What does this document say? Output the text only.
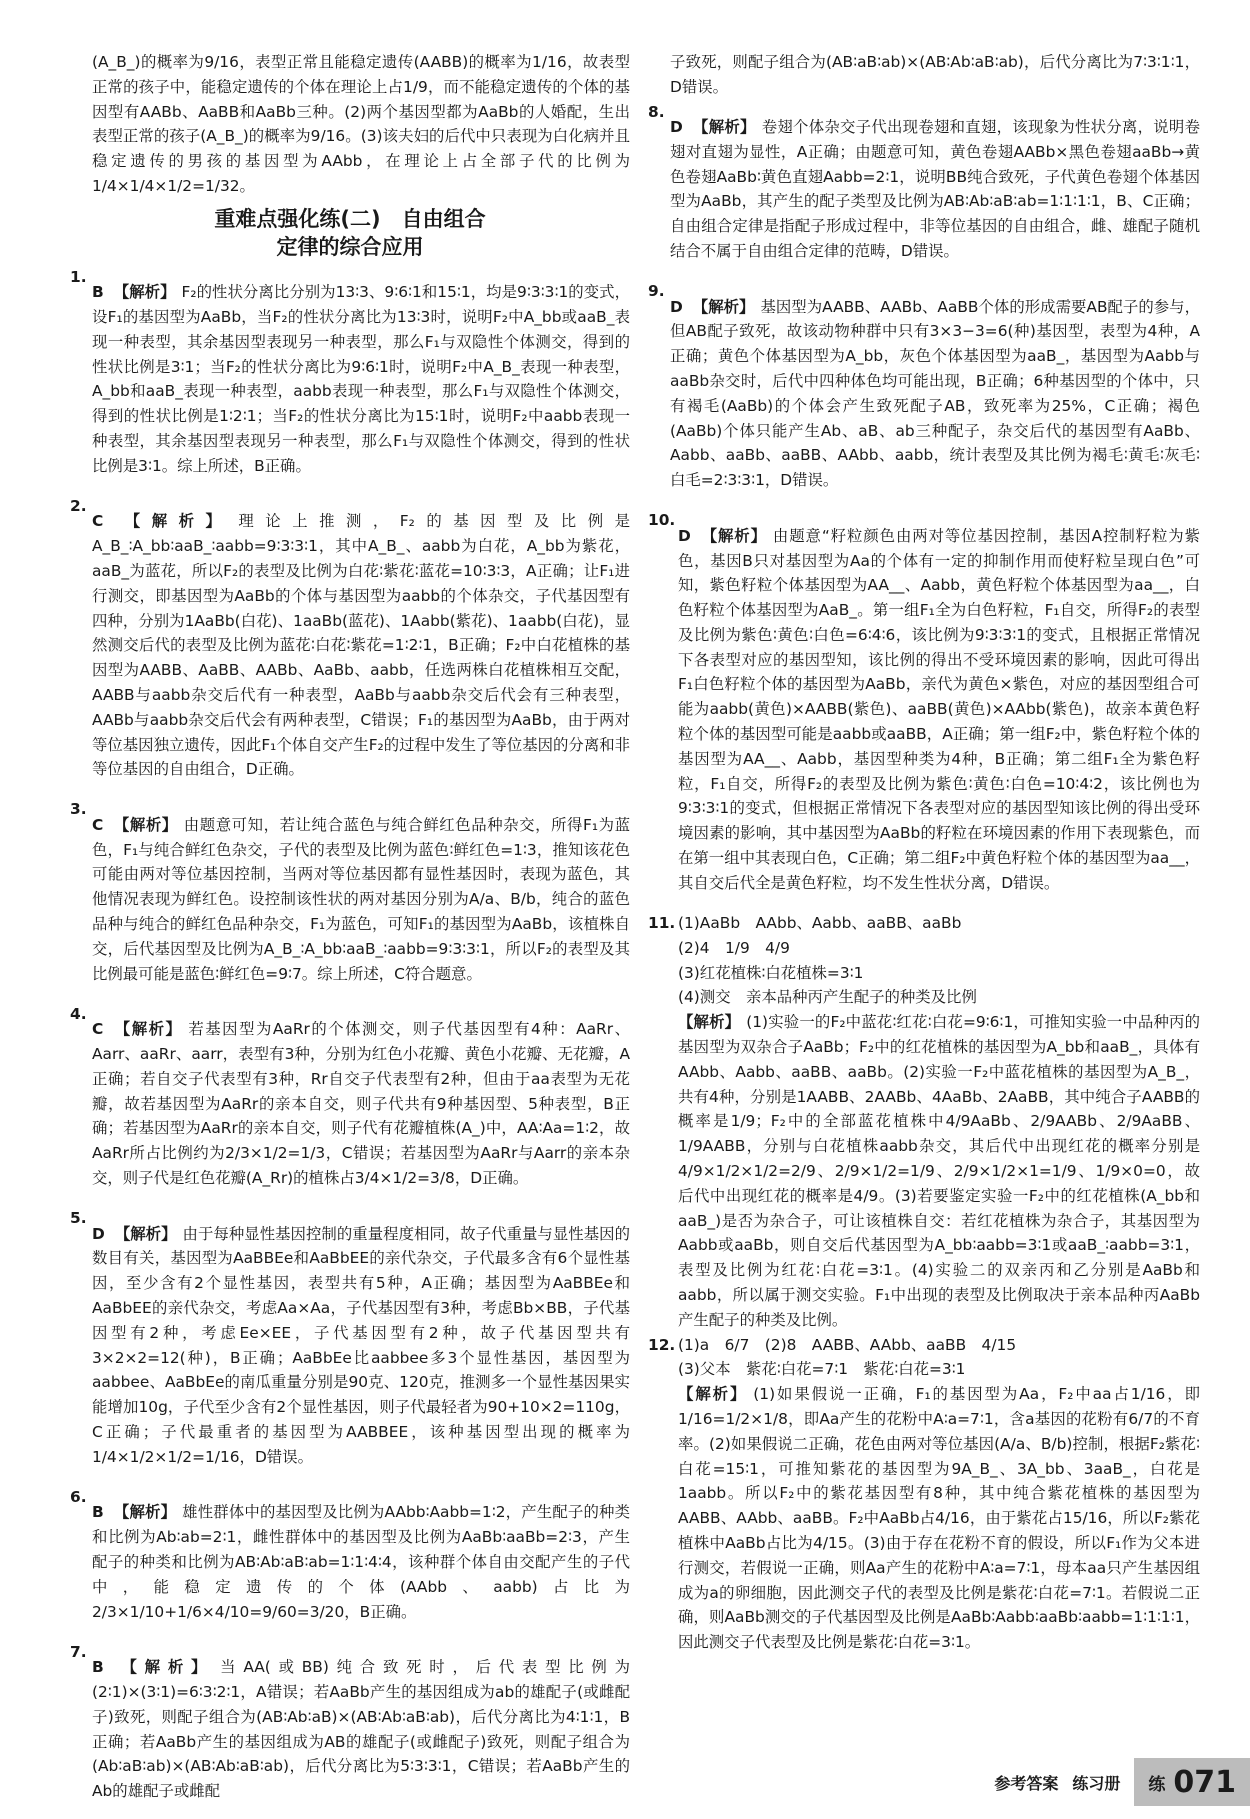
(A_B_)的概率为9/16，表型正常且能稳定遗传(AABB)的概率为1/16，故表型正常的孩子中，能稳定遗传的个体在理论上占1/9，而不能稳定遗传的个体的基因型有AABb、AaBB和AaBb三种。(2)两个基因型都为AaBb的人婚配，生出表型正常的孩子(A_B_)的概率为9/16。(3)该夫妇的后代中只表现为白化病并且稳定遗传的男孩的基因型为AAbb，在理论上占全部子代的比例为1/4×1/4×1/2=1/32。

重难点强化练(二)　自由组合
定律的综合应用
1.

B 【解析】 F₂的性状分离比分别为13∶3、9∶6∶1和15∶1，均是9∶3∶3∶1的变式，设F₁的基因型为AaBb，当F₂的性状分离比为13∶3时，说明F₂中A_bb或aaB_表现一种表型，其余基因型表现另一种表型，那么F₁与双隐性个体测交，得到的性状比例是3∶1；当F₂的性状分离比为9∶6∶1时，说明F₂中A_B_表现一种表型，A_bb和aaB_表现一种表型，aabb表现一种表型，那么F₁与双隐性个体测交，得到的性状比例是1∶2∶1；当F₂的性状分离比为15∶1时，说明F₂中aabb表现一种表型，其余基因型表现另一种表型，那么F₁与双隐性个体测交，得到的性状比例是3∶1。综上所述，B正确。

2.

C 【解析】 理论上推测，F₂的基因型及比例是A_B_∶A_bb∶aaB_∶aabb=9∶3∶3∶1，其中A_B_、aabb为白花，A_bb为紫花，aaB_为蓝花，所以F₂的表型及比例为白花∶紫花∶蓝花=10∶3∶3，A正确；让F₁进行测交，即基因型为AaBb的个体与基因型为aabb的个体杂交，子代基因型有四种，分别为1AaBb(白花)、1aaBb(蓝花)、1Aabb(紫花)、1aabb(白花)，显然测交后代的表型及比例为蓝花∶白花∶紫花=1∶2∶1，B正确；F₂中白花植株的基因型为AABB、AaBB、AABb、AaBb、aabb，任选两株白花植株相互交配，AABB与aabb杂交后代有一种表型，AaBb与aabb杂交后代会有三种表型，AABb与aabb杂交后代会有两种表型，C错误；F₁的基因型为AaBb，由于两对等位基因独立遗传，因此F₁个体自交产生F₂的过程中发生了等位基因的分离和非等位基因的自由组合，D正确。

3.

C 【解析】 由题意可知，若让纯合蓝色与纯合鲜红色品种杂交，所得F₁为蓝色，F₁与纯合鲜红色杂交，子代的表型及比例为蓝色∶鲜红色=1∶3，推知该花色可能由两对等位基因控制，当两对等位基因都有显性基因时，表现为蓝色，其他情况表现为鲜红色。设控制该性状的两对基因分别为A/a、B/b，纯合的蓝色品种与纯合的鲜红色品种杂交，F₁为蓝色，可知F₁的基因型为AaBb，该植株自交，后代基因型及比例为A_B_∶A_bb∶aaB_∶aabb=9∶3∶3∶1，所以F₂的表型及其比例最可能是蓝色∶鲜红色=9∶7。综上所述，C符合题意。

4.

C 【解析】 若基因型为AaRr的个体测交，则子代基因型有4种：AaRr、Aarr、aaRr、aarr，表型有3种，分别为红色小花瓣、黄色小花瓣、无花瓣，A正确；若自交子代表型有3种，Rr自交子代表型有2种，但由于aa表型为无花瓣，故若基因型为AaRr的亲本自交，则子代共有9种基因型、5种表型，B正确；若基因型为AaRr的亲本自交，则子代有花瓣植株(A_)中，AA∶Aa=1∶2，故AaRr所占比例约为2/3×1/2=1/3，C错误；若基因型为AaRr与Aarr的亲本杂交，则子代是红色花瓣(A_Rr)的植株占3/4×1/2=3/8，D正确。

5.

D 【解析】 由于每种显性基因控制的重量程度相同，故子代重量与显性基因的数目有关，基因型为AaBBEe和AaBbEE的亲代杂交，子代最多含有6个显性基因，至少含有2个显性基因，表型共有5种，A正确；基因型为AaBBEe和AaBbEE的亲代杂交，考虑Aa×Aa，子代基因型有3种，考虑Bb×BB，子代基因型有2种，考虑Ee×EE，子代基因型有2种，故子代基因型共有3×2×2=12(种)，B正确；AaBbEe比aabbee多3个显性基因，基因型为aabbee、AaBbEe的南瓜重量分别是90克、120克，推测多一个显性基因果实能增加10g，子代至少含有2个显性基因，则子代最轻者为90+10×2=110g，C正确；子代最重者的基因型为AABBEE，该种基因型出现的概率为1/4×1/2×1/2=1/16，D错误。

6.

B 【解析】 雄性群体中的基因型及比例为AAbb∶Aabb=1∶2，产生配子的种类和比例为Ab∶ab=2∶1，雌性群体中的基因型及比例为AaBb∶aaBb=2∶3，产生配子的种类和比例为AB∶Ab∶aB∶ab=1∶1∶4∶4，该种群个体自由交配产生的子代中，能稳定遗传的个体(AAbb、aabb)占比为2/3×1/10+1/6×4/10=9/60=3/20，B正确。

7.

B 【解析】 当AA(或BB)纯合致死时，后代表型比例为(2∶1)×(3∶1)=6∶3∶2∶1，A错误；若AaBb产生的基因组成为ab的雄配子(或雌配子)致死，则配子组合为(AB∶Ab∶aB)×(AB∶Ab∶aB∶ab)，后代分离比为4∶1∶1，B正确；若AaBb产生的基因组成为AB的雄配子(或雌配子)致死，则配子组合为(Ab∶aB∶ab)×(AB∶Ab∶aB∶ab)，后代分离比为5∶3∶3∶1，C错误；若AaBb产生的Ab的雄配子或雌配

子致死，则配子组合为(AB∶aB∶ab)×(AB∶Ab∶aB∶ab)，后代分离比为7∶3∶1∶1，D错误。

8.

D 【解析】 卷翅个体杂交子代出现卷翅和直翅，该现象为性状分离，说明卷翅对直翅为显性，A正确；由题意可知，黄色卷翅AABb×黑色卷翅aaBb→黄色卷翅AaBb∶黄色直翅Aabb=2∶1，说明BB纯合致死，子代黄色卷翅个体基因型为AaBb，其产生的配子类型及比例为AB∶Ab∶aB∶ab=1∶1∶1∶1，B、C正确；自由组合定律是指配子形成过程中，非等位基因的自由组合，雌、雄配子随机结合不属于自由组合定律的范畴，D错误。

9.

D 【解析】 基因型为AABB、AABb、AaBB个体的形成需要AB配子的参与，但AB配子致死，故该动物种群中只有3×3−3=6(种)基因型，表型为4种，A正确；黄色个体基因型为A_bb，灰色个体基因型为aaB_，基因型为Aabb与aaBb杂交时，后代中四种体色均可能出现，B正确；6种基因型的个体中，只有褐毛(AaBb)的个体会产生致死配子AB，致死率为25%，C正确；褐色(AaBb)个体只能产生Ab、aB、ab三种配子，杂交后代的基因型有AaBb、Aabb、aaBb、aaBB、AAbb、aabb，统计表型及其比例为褐毛∶黄毛∶灰毛∶白毛=2∶3∶3∶1，D错误。

10.

D 【解析】 由题意“籽粒颜色由两对等位基因控制，基因A控制籽粒为紫色，基因B只对基因型为Aa的个体有一定的抑制作用而使籽粒呈现白色”可知，紫色籽粒个体基因型为AA__、Aabb，黄色籽粒个体基因型为aa__，白色籽粒个体基因型为AaB_。第一组F₁全为白色籽粒，F₁自交，所得F₂的表型及比例为紫色∶黄色∶白色=6∶4∶6，该比例为9∶3∶3∶1的变式，且根据正常情况下各表型对应的基因型知，该比例的得出不受环境因素的影响，因此可得出F₁白色籽粒个体的基因型为AaBb，亲代为黄色×紫色，对应的基因型组合可能为aabb(黄色)×AABB(紫色)、aaBB(黄色)×AAbb(紫色)，故亲本黄色籽粒个体的基因型可能是aabb或aaBB，A正确；第一组F₂中，紫色籽粒个体的基因型为AA__、Aabb，基因型种类为4种，B正确；第二组F₁全为紫色籽粒，F₁自交，所得F₂的表型及比例为紫色∶黄色∶白色=10∶4∶2，该比例也为9∶3∶3∶1的变式，但根据正常情况下各表型对应的基因型知该比例的得出受环境因素的影响，其中基因型为AaBb的籽粒在环境因素的作用下表现紫色，而在第一组中其表现白色，C正确；第二组F₂中黄色籽粒个体的基因型为aa__，其自交后代全是黄色籽粒，均不发生性状分离，D错误。

11. (1)AaBb　AAbb、Aabb、aaBB、aaBb

(2)4　1/9　4/9

(3)红花植株∶白花植株=3∶1

(4)测交　亲本品种丙产生配子的种类及比例

【解析】 (1)实验一的F₂中蓝花∶红花∶白花=9∶6∶1，可推知实验一中品种丙的基因型为双杂合子AaBb；F₂中的红花植株的基因型为A_bb和aaB_，具体有AAbb、Aabb、aaBB、aaBb。(2)实验一F₂中蓝花植株的基因型为A_B_，共有4种，分别是1AABB、2AABb、4AaBb、2AaBB，其中纯合子AABB的概率是1/9；F₂中的全部蓝花植株中4/9AaBb、2/9AABb、2/9AaBB、1/9AABB，分别与白花植株aabb杂交，其后代中出现红花的概率分别是4/9×1/2×1/2=2/9、2/9×1/2=1/9、2/9×1/2×1=1/9、1/9×0=0，故后代中出现红花的概率是4/9。(3)若要鉴定实验一F₂中的红花植株(A_bb和aaB_)是否为杂合子，可让该植株自交：若红花植株为杂合子，其基因型为Aabb或aaBb，则自交后代基因型为A_bb∶aabb=3∶1或aaB_∶aabb=3∶1，表型及比例为红花∶白花=3∶1。(4)实验二的双亲丙和乙分别是AaBb和aabb，所以属于测交实验。F₁中出现的表型及比例取决于亲本品种丙AaBb产生配子的种类及比例。

12. (1)a　6/7　(2)8　AABB、AAbb、aaBB　4/15

(3)父本　紫花∶白花=7∶1　紫花∶白花=3∶1

【解析】 (1)如果假说一正确，F₁的基因型为Aa，F₂中aa占1/16，即1/16=1/2×1/8，即Aa产生的花粉中A∶a=7∶1，含a基因的花粉有6/7的不育率。(2)如果假说二正确，花色由两对等位基因(A/a、B/b)控制，根据F₂紫花∶白花=15∶1，可推知紫花的基因型为9A_B_、3A_bb、3aaB_，白花是1aabb。所以F₂中的紫花基因型有8种，其中纯合紫花植株的基因型为AABB、AAbb、aaBB。F₂中AaBb占4/16，由于紫花占15/16，所以F₂紫花植株中AaBb占比为4/15。(3)由于存在花粉不育的假设，所以F₁作为父本进行测交，若假说一正确，则Aa产生的花粉中A∶a=7∶1，母本aa只产生基因组成为a的卵细胞，因此测交子代的表型及比例是紫花∶白花=7∶1。若假说二正确，则AaBb测交的子代基因型及比例是AaBb∶Aabb∶aaBb∶aabb=1∶1∶1∶1，因此测交子代表型及比例是紫花∶白花=3∶1。

参考答案 练习册 练 071
